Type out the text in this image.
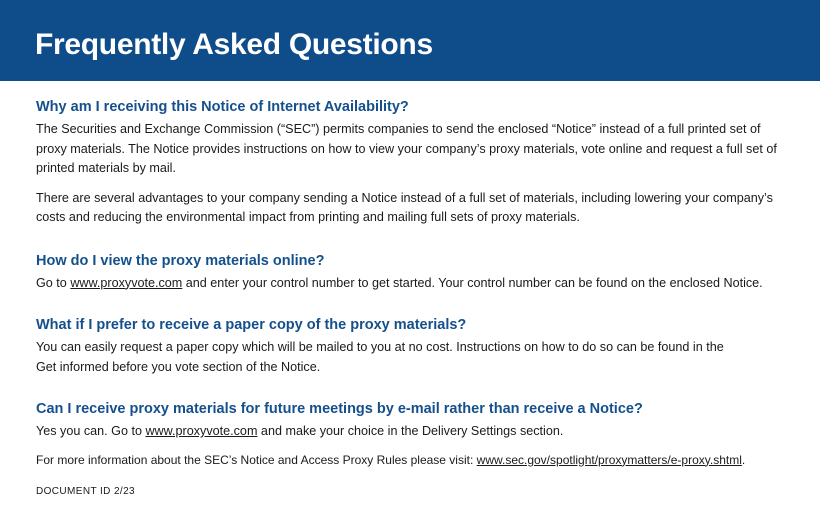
Frequently Asked Questions

Why am I receiving this Notice of Internet Availability?

The Securities and Exchange Commission (“SEC”) permits companies to send the enclosed “Notice” instead of a full printed set of proxy materials. The Notice provides instructions on how to view your company’s proxy materials, vote online and request a full set of printed materials by mail.

There are several advantages to your company sending a Notice instead of a full set of materials, including lowering your company’s costs and reducing the environmental impact from printing and mailing full sets of proxy materials.

How do I view the proxy materials online?

Go to www.proxyvote.com and enter your control number to get started. Your control number can be found on the enclosed Notice.

What if I prefer to receive a paper copy of the proxy materials?

You can easily request a paper copy which will be mailed to you at no cost. Instructions on how to do so can be found in the
Get informed before you vote section of the Notice.

Can I receive proxy materials for future meetings by e-mail rather than receive a Notice?

Yes you can. Go to www.proxyvote.com and make your choice in the Delivery Settings section.

For more information about the SEC’s Notice and Access Proxy Rules please visit: www.sec.gov/spotlight/proxymatters/e-proxy.shtml.

DOCUMENT ID 2/23
